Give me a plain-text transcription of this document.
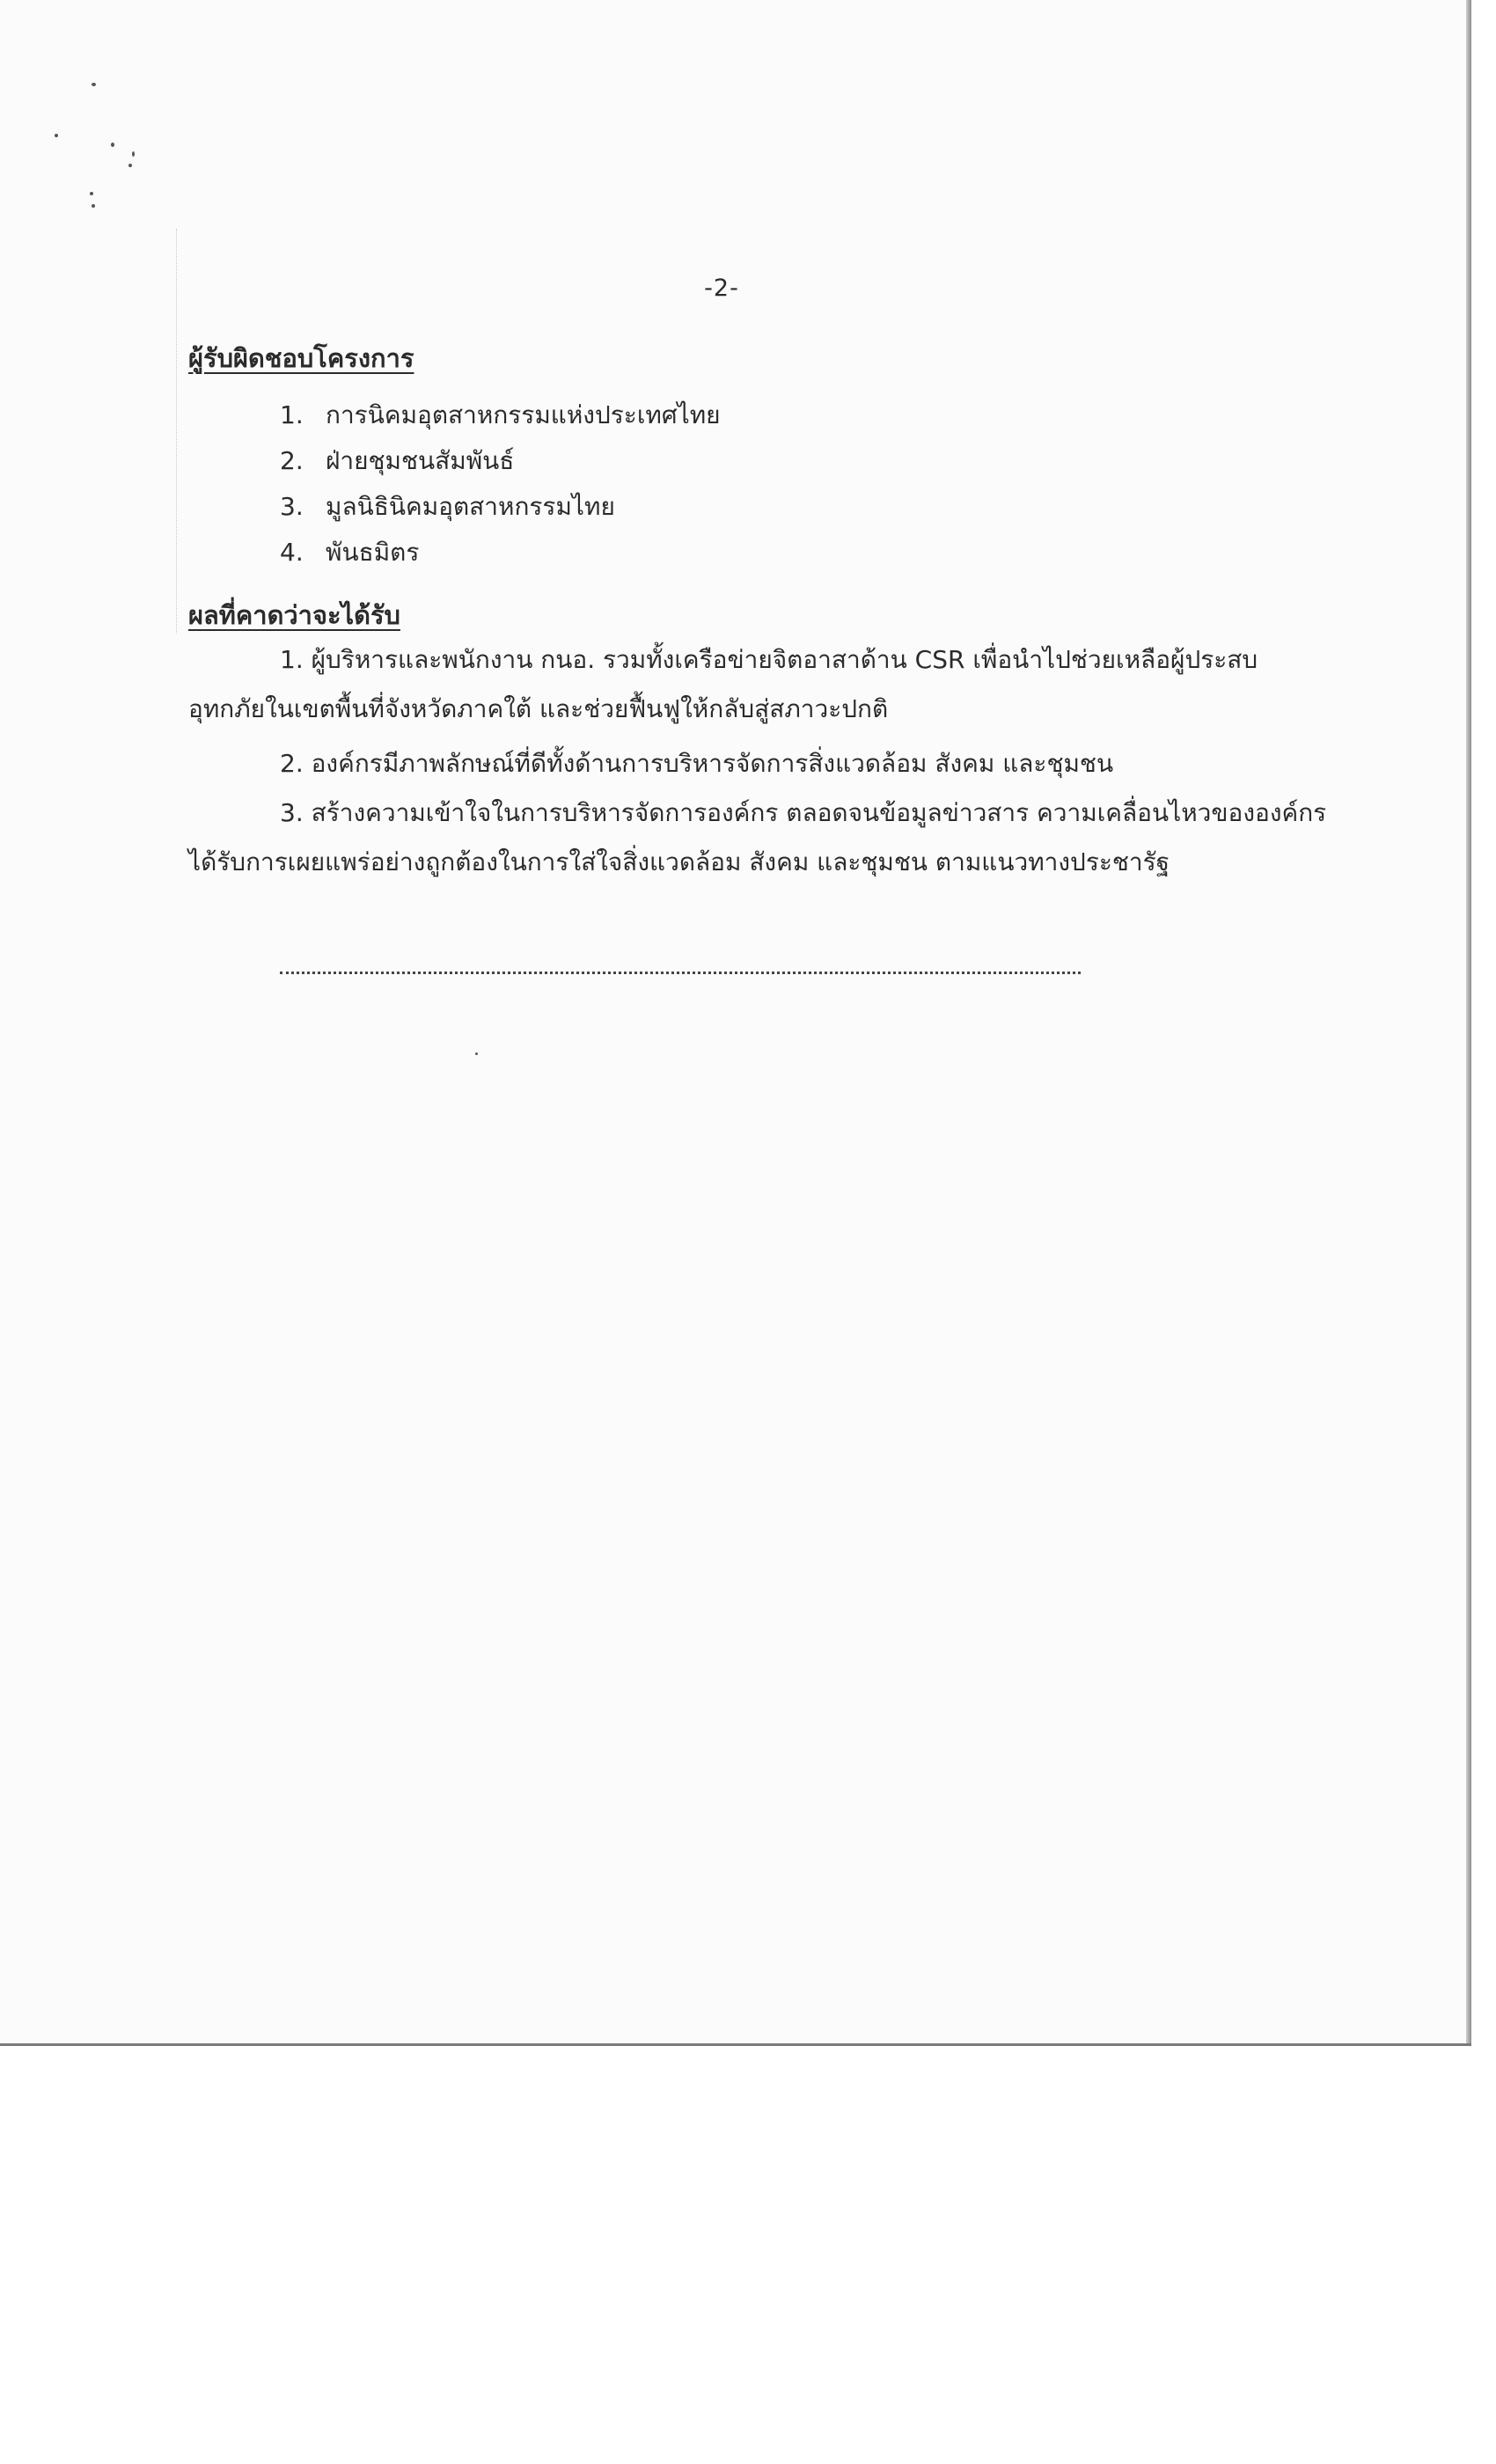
-2-
ผู้รับผิดชอบโครงการ
1. การนิคมอุตสาหกรรมแห่งประเทศไทย
2. ฝ่ายชุมชนสัมพันธ์
3. มูลนิธินิคมอุตสาหกรรมไทย
4. พันธมิตร
ผลที่คาดว่าจะได้รับ
1. ผู้บริหารและพนักงาน กนอ. รวมทั้งเครือข่ายจิตอาสาด้าน CSR เพื่อนำไปช่วยเหลือผู้ประสบ
อุทกภัยในเขตพื้นที่จังหวัดภาคใต้ และช่วยฟื้นฟูให้กลับสู่สภาวะปกติ
2. องค์กรมีภาพลักษณ์ที่ดีทั้งด้านการบริหารจัดการสิ่งแวดล้อม สังคม และชุมชน
3. สร้างความเข้าใจในการบริหารจัดการองค์กร ตลอดจนข้อมูลข่าวสาร ความเคลื่อนไหวขององค์กร
ได้รับการเผยแพร่อย่างถูกต้องในการใส่ใจสิ่งแวดล้อม สังคม และชุมชน ตามแนวทางประชารัฐ
